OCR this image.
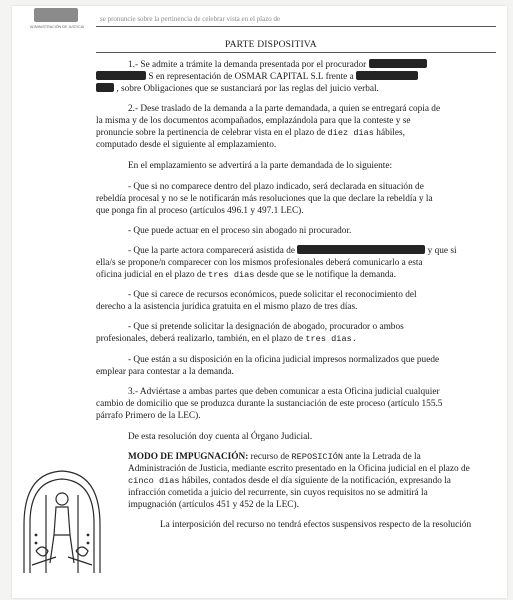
ADMINISTRACIÓN DE JUSTICIA
se pronuncie sobre la pertinencia de celebrar vista en el plazo de
PARTE DISPOSITIVA

1.- Se admite a trámite la demanda presentada por el procurador

S en representación de OSMAR CAPITAL S.L frente a

, sobre Obligaciones que se sustanciará por las reglas del juicio verbal.

2.- Dese traslado de la demanda a la parte demandada, a quien se entregará copia de

la misma y de los documentos acompañados, emplazándola para que la conteste y se

pronuncie sobre la pertinencia de celebrar vista en el plazo de diez dias hábiles,

computado desde el siguiente al emplazamiento.

En el emplazamiento se advertirá a la parte demandada de lo siguiente:

- Que si no comparece dentro del plazo indicado, será declarada en situación de

rebeldía procesal y no se le notificarán más resoluciones que la que declare la rebeldía y la

que ponga fin al proceso (artículos 496.1 y 497.1 LEC).

- Que puede actuar en el proceso sin abogado ni procurador.

- Que la parte actora comparecerá asistida de	y que si

ella/s se propone/n comparecer con los mismos profesionales deberá comunicarlo a esta

oficina judicial en el plazo de tres dias desde que se le notifique la demanda.

- Que si carece de recursos económicos, puede solicitar el reconocimiento del

derecho a la asistencia jurídica gratuita en el mismo plazo de tres días.

- Que si pretende solicitar la designación de abogado, procurador o ambos

profesionales, deberá realizarlo, también, en el plazo de tres dias.

- Que están a su disposición en la oficina judicial impresos normalizados que puede

emplear para contestar a la demanda.

3.- Adviértase a ambas partes que deben comunicar a esta Oficina judicial cualquier

cambio de domicilio que se produzca durante la sustanciación de este proceso (artículo 155.5

párrafo Primero de la LEC).

De esta resolución doy cuenta al Órgano Judicial.

MODO DE IMPUGNACIÓN: recurso de REPOSICIÓN ante la Letrada de la

Administración de Justicia, mediante escrito presentado en la Oficina judicial en el plazo de

cinco dias hábiles, contados desde el día siguiente de la notificación, expresando la

infracción cometida a juicio del recurrente, sin cuyos requisitos no se admitirá la

impugnación (artículos 451 y 452 de la LEC).

La interposición del recurso no tendrá efectos suspensivos respecto de la resolución
